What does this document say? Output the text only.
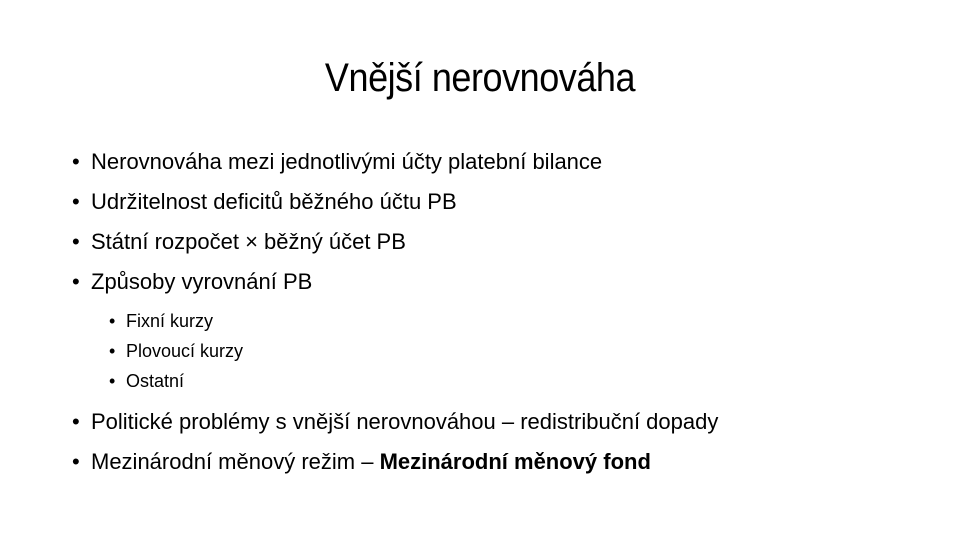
Vnější nerovnováha
• Nerovnováha mezi jednotlivými účty platební bilance
• Udržitelnost deficitů běžného účtu PB
• Státní rozpočet × běžný účet PB
• Způsoby vyrovnání PB
• Fixní kurzy
• Plovoucí kurzy
• Ostatní
• Politické problémy s vnější nerovnováhou – redistribuční dopady
• Mezinárodní měnový režim – Mezinárodní měnový fond
